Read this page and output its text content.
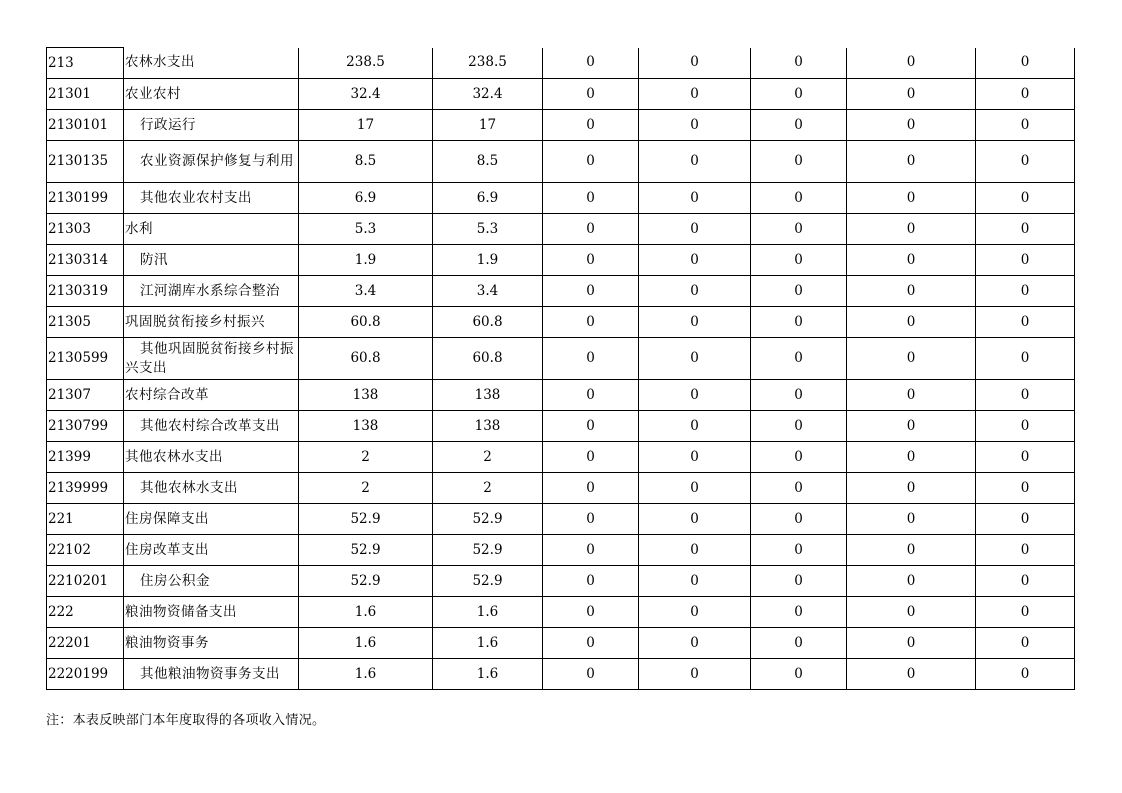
213	农林水支出	238.5	238.5	0	0	0	0	0
21301	农业农村	32.4	32.4	0	0	0	0	0
2130101	行政运行	17	17	0	0	0	0	0
2130135	农业资源保护修复与利用	8.5	8.5	0	0	0	0	0
2130199	其他农业农村支出	6.9	6.9	0	0	0	0	0
21303	水利	5.3	5.3	0	0	0	0	0
2130314	防汛	1.9	1.9	0	0	0	0	0
2130319	江河湖库水系综合整治	3.4	3.4	0	0	0	0	0
21305	巩固脱贫衔接乡村振兴	60.8	60.8	0	0	0	0	0
2130599	其他巩固脱贫衔接乡村振兴支出	60.8	60.8	0	0	0	0	0
21307	农村综合改革	138	138	0	0	0	0	0
2130799	其他农村综合改革支出	138	138	0	0	0	0	0
21399	其他农林水支出	2	2	0	0	0	0	0
2139999	其他农林水支出	2	2	0	0	0	0	0
221	住房保障支出	52.9	52.9	0	0	0	0	0
22102	住房改革支出	52.9	52.9	0	0	0	0	0
2210201	住房公积金	52.9	52.9	0	0	0	0	0
222	粮油物资储备支出	1.6	1.6	0	0	0	0	0
22201	粮油物资事务	1.6	1.6	0	0	0	0	0
2220199	其他粮油物资事务支出	1.6	1.6	0	0	0	0	0
注：本表反映部门本年度取得的各项收入情况。
